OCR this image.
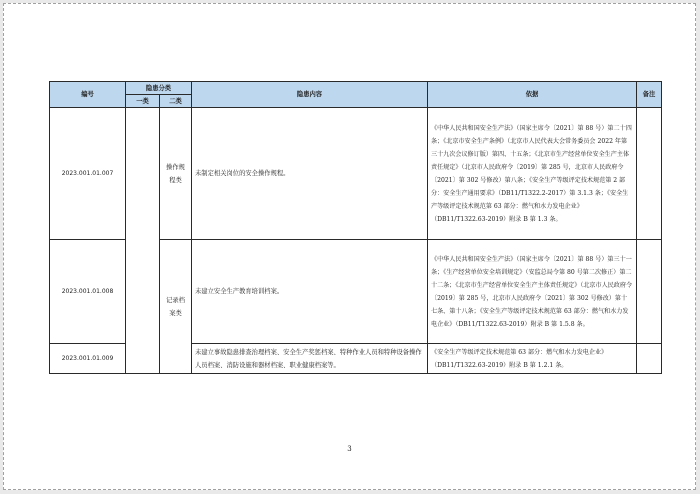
编号	隐患分类		隐患内容	依据	备注
	一类	二类			
2023.001.01.007		操作规程类	未制定相关岗位的安全操作规程。	《中华人民共和国安全生产法》（国家主席令〔2021〕第 88 号）第二十四条；《北京市安全生产条例》（北京市人民代表大会常务委员会 2022 年第三十九次会议修订版）第四、十五条；《北京市生产经营单位安全生产主体责任规定》（北京市人民政府令〔2019〕第 285 号，北京市人民政府令〔2021〕第 302 号修改）第八条；《安全生产等级评定技术规范第 2 部分：安全生产通用要求》（DB11/T1322.2-2017）第 3.1.3 条；《安全生产等级评定技术规范第 63 部分：燃气和水力发电企业》（DB11/T1322.63-2019）附录 B 第 1.3 条。	
2023.001.01.008		记录档案类	未建立安全生产教育培训档案。	《中华人民共和国安全生产法》（国家主席令〔2021〕第 88 号）第三十一条；《生产经营单位安全培训规定》（安监总局令第 80 号第二次修正）第二十二条；《北京市生产经营单位安全生产主体责任规定》（北京市人民政府令〔2019〕第 285 号，北京市人民政府令〔2021〕第 302 号修改）第十七条、第十八条；《安全生产等级评定技术规范第 63 部分：燃气和水力发电企业》（DB11/T1322.63-2019）附录 B 第 1.5.8 条。	
2023.001.01.009			未建立事故隐患排查治理档案、安全生产奖惩档案、特种作业人员和特种设备操作人员档案、消防设施和器材档案、职业健康档案等。	《安全生产等级评定技术规范第 63 部分：燃气和水力发电企业》（DB11/T1322.63-2019）附录 B 第 1.2.1 条。	
3
